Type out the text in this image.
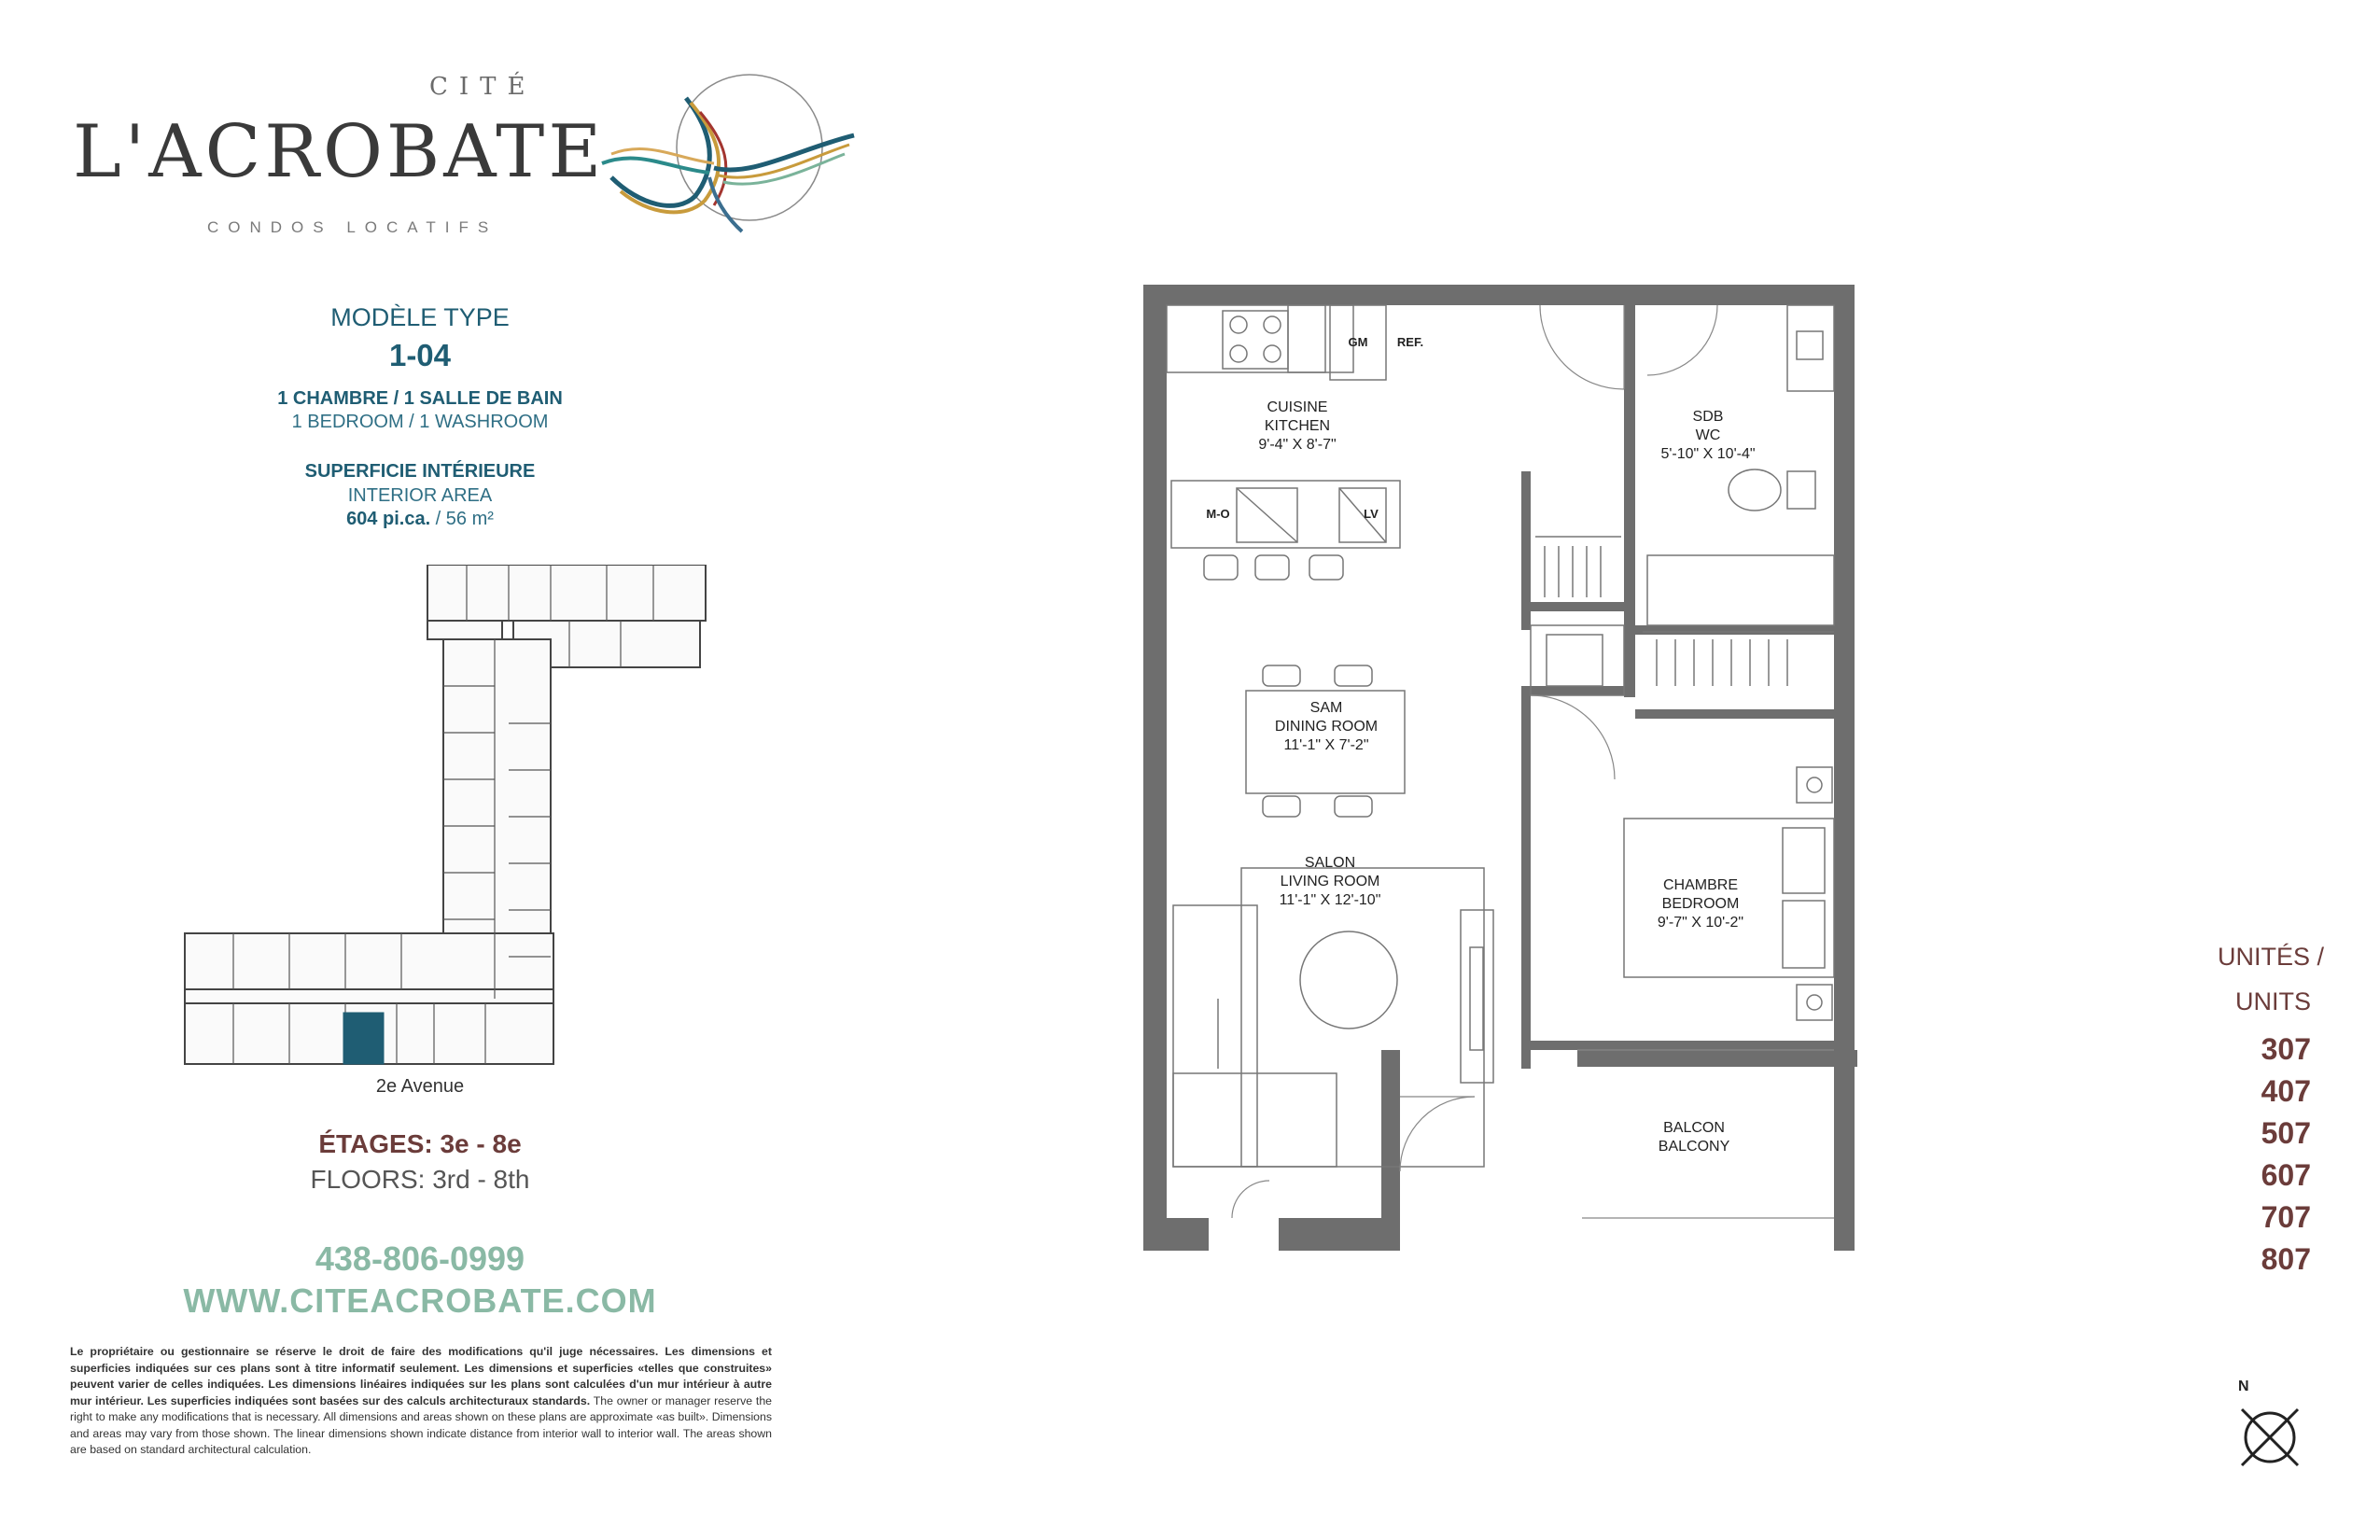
CITÉ
L'ACROBATE
CONDOS LOCATIFS
MODÈLE TYPE
1-04
1 CHAMBRE / 1 SALLE DE BAIN
1 BEDROOM / 1 WASHROOM
SUPERFICIE INTÉRIEURE
INTERIOR AREA
604 pi.ca. / 56 m²
2e Avenue
ÉTAGES: 3e - 8e
FLOORS: 3rd - 8th
438-806-0999
WWW.CITEACROBATE.COM
Le propriétaire ou gestionnaire se réserve le droit de faire des modifications qu'il juge nécessaires. Les dimensions et superficies indiquées sur ces plans sont à titre informatif seulement. Les dimensions et superficies «telles que construites» peuvent varier de celles indiquées. Les dimensions linéaires indiquées sur les plans sont calculées d'un mur intérieur à autre mur intérieur. Les superficies indiquées sont basées sur des calculs architecturaux standards. The owner or manager reserve the right to make any modifications that is necessary. All dimensions and areas shown on these plans are approximate «as built». Dimensions and areas may vary from those shown. The linear dimensions shown indicate distance from interior wall to interior wall. The areas shown are based on standard architectural calculation.
GM REF.
M-O	LV
CUISINE
KITCHEN
9'-4" X 8'-7"
SDB
WC
5'-10" X 10'-4"
SAM
DINING ROOM
11'-1" X 7'-2"
SALON
LIVING ROOM
11'-1" X 12'-10"
CHAMBRE
BEDROOM
9'-7" X 10'-2"
BALCON
BALCONY
UNITÉS /
UNITS
307
407
507
607
707
807
N
